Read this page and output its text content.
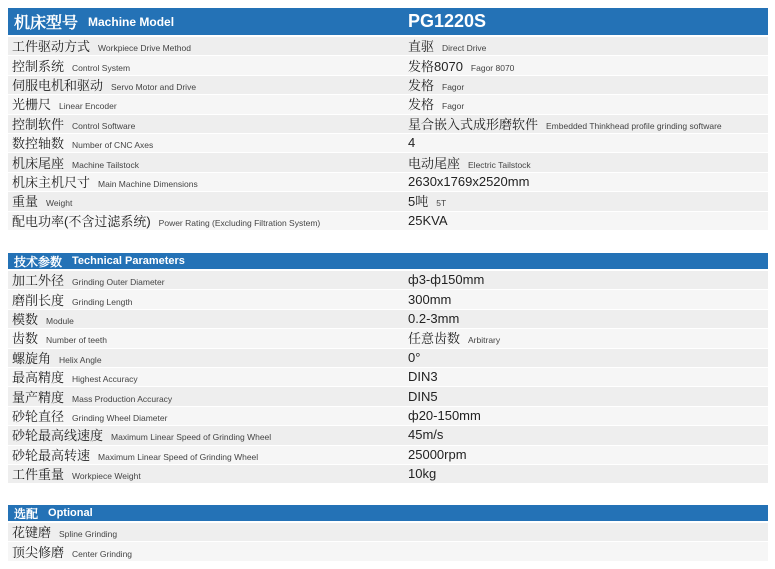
机床型号 Machine Model	PG1220S
工件驱动方式 Workpiece Drive Method	直驱 Direct Drive
控制系统 Control System	发格8070 Fagor 8070
伺服电机和驱动 Servo Motor and Drive	发格 Fagor
光栅尺 Linear Encoder	发格 Fagor
控制软件 Control Software	星合嵌入式成形磨软件 Embedded Thinkhead profile grinding software
数控轴数 Number of CNC Axes	4
机床尾座 Machine Tailstock	电动尾座 Electric Tailstock
机床主机尺寸 Main Machine Dimensions	2630x1769x2520mm
重量 Weight	5吨 5T
配电功率(不含过滤系统) Power Rating (Excluding Filtration System)	25KVA
技术参数 Technical Parameters
加工外径 Grinding Outer Diameter	ф3-ф150mm
磨削长度 Grinding Length	300mm
模数 Module	0.2-3mm
齿数 Number of teeth	任意齿数 Arbitrary
螺旋角 Helix Angle	0°
最高精度 Highest Accuracy	DIN3
量产精度 Mass Production Accuracy	DIN5
砂轮直径 Grinding Wheel Diameter	ф20-150mm
砂轮最高线速度 Maximum Linear Speed of Grinding Wheel	45m/s
砂轮最高转速 Maximum Linear Speed of Grinding Wheel	25000rpm
工件重量 Workpiece Weight	10kg
选配 Optional
花键磨 Spline Grinding
顶尖修磨 Center Grinding
